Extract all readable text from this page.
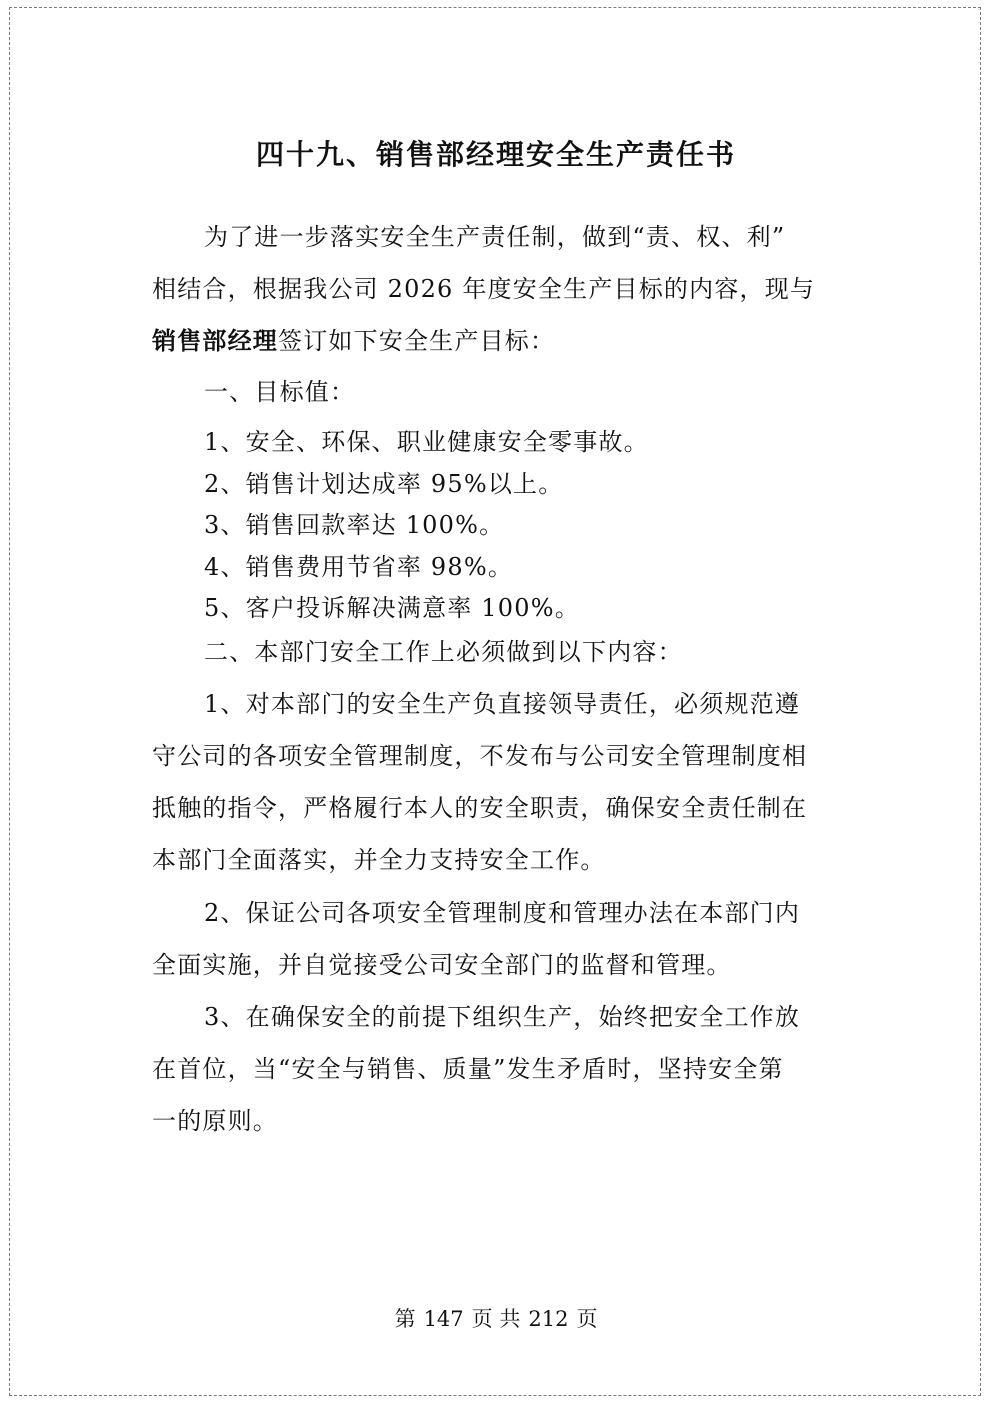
四十九、销售部经理安全生产责任书
为了进一步落实安全生产责任制，做到“责、权、利”
相结合，根据我公司 2026 年度安全生产目标的内容，现与
销售部经理签订如下安全生产目标：
一、目标值：
1、安全、环保、职业健康安全零事故。
2、销售计划达成率 95%以上。
3、销售回款率达 100%。
4、销售费用节省率 98%。
5、客户投诉解决满意率 100%。
二、本部门安全工作上必须做到以下内容：
1、对本部门的安全生产负直接领导责任，必须规范遵
守公司的各项安全管理制度，不发布与公司安全管理制度相
抵触的指令，严格履行本人的安全职责，确保安全责任制在
本部门全面落实，并全力支持安全工作。
2、保证公司各项安全管理制度和管理办法在本部门内
全面实施，并自觉接受公司安全部门的监督和管理。
3、在确保安全的前提下组织生产，始终把安全工作放
在首位，当“安全与销售、质量”发生矛盾时，坚持安全第
一的原则。
第 147 页 共 212 页
